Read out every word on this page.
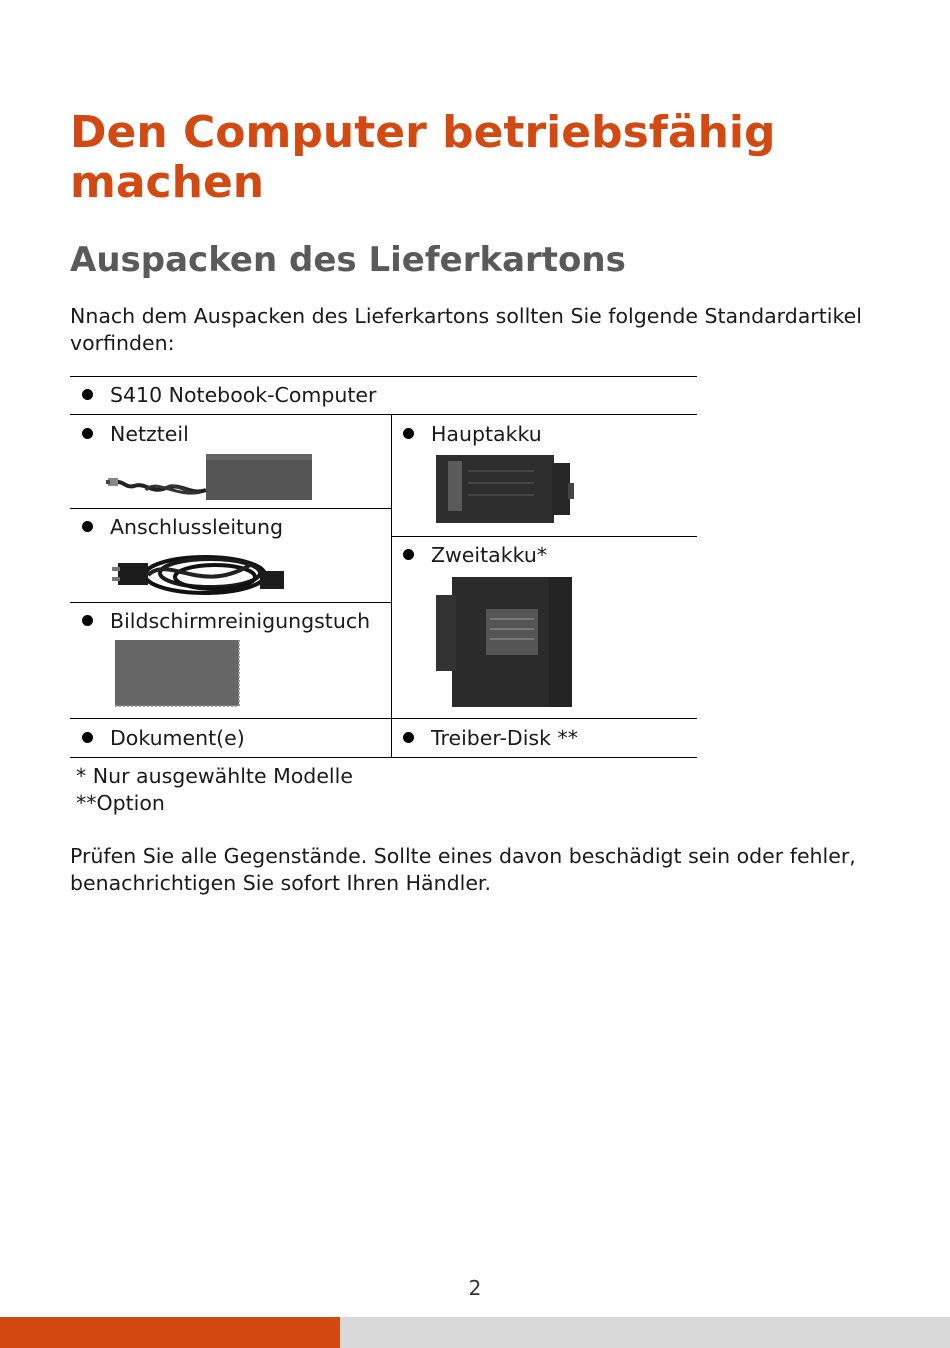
Den Computer betriebsfähig machen
Auspacken des Lieferkartons

Nnach dem Auspacken des Lieferkartons sollten Sie folgende Standardartikel vorfinden:

S410 Notebook-Computer
Netzteil	Hauptakku
Anschlussleitung
Zweitakku*
Bildschirmreinigungstuch
Dokument(e)	Treiber-Disk **
* Nur ausgewählte Modelle
**Option

Prüfen Sie alle Gegenstände. Sollte eines davon beschädigt sein oder fehler, benachrichtigen Sie sofort Ihren Händler.

2
